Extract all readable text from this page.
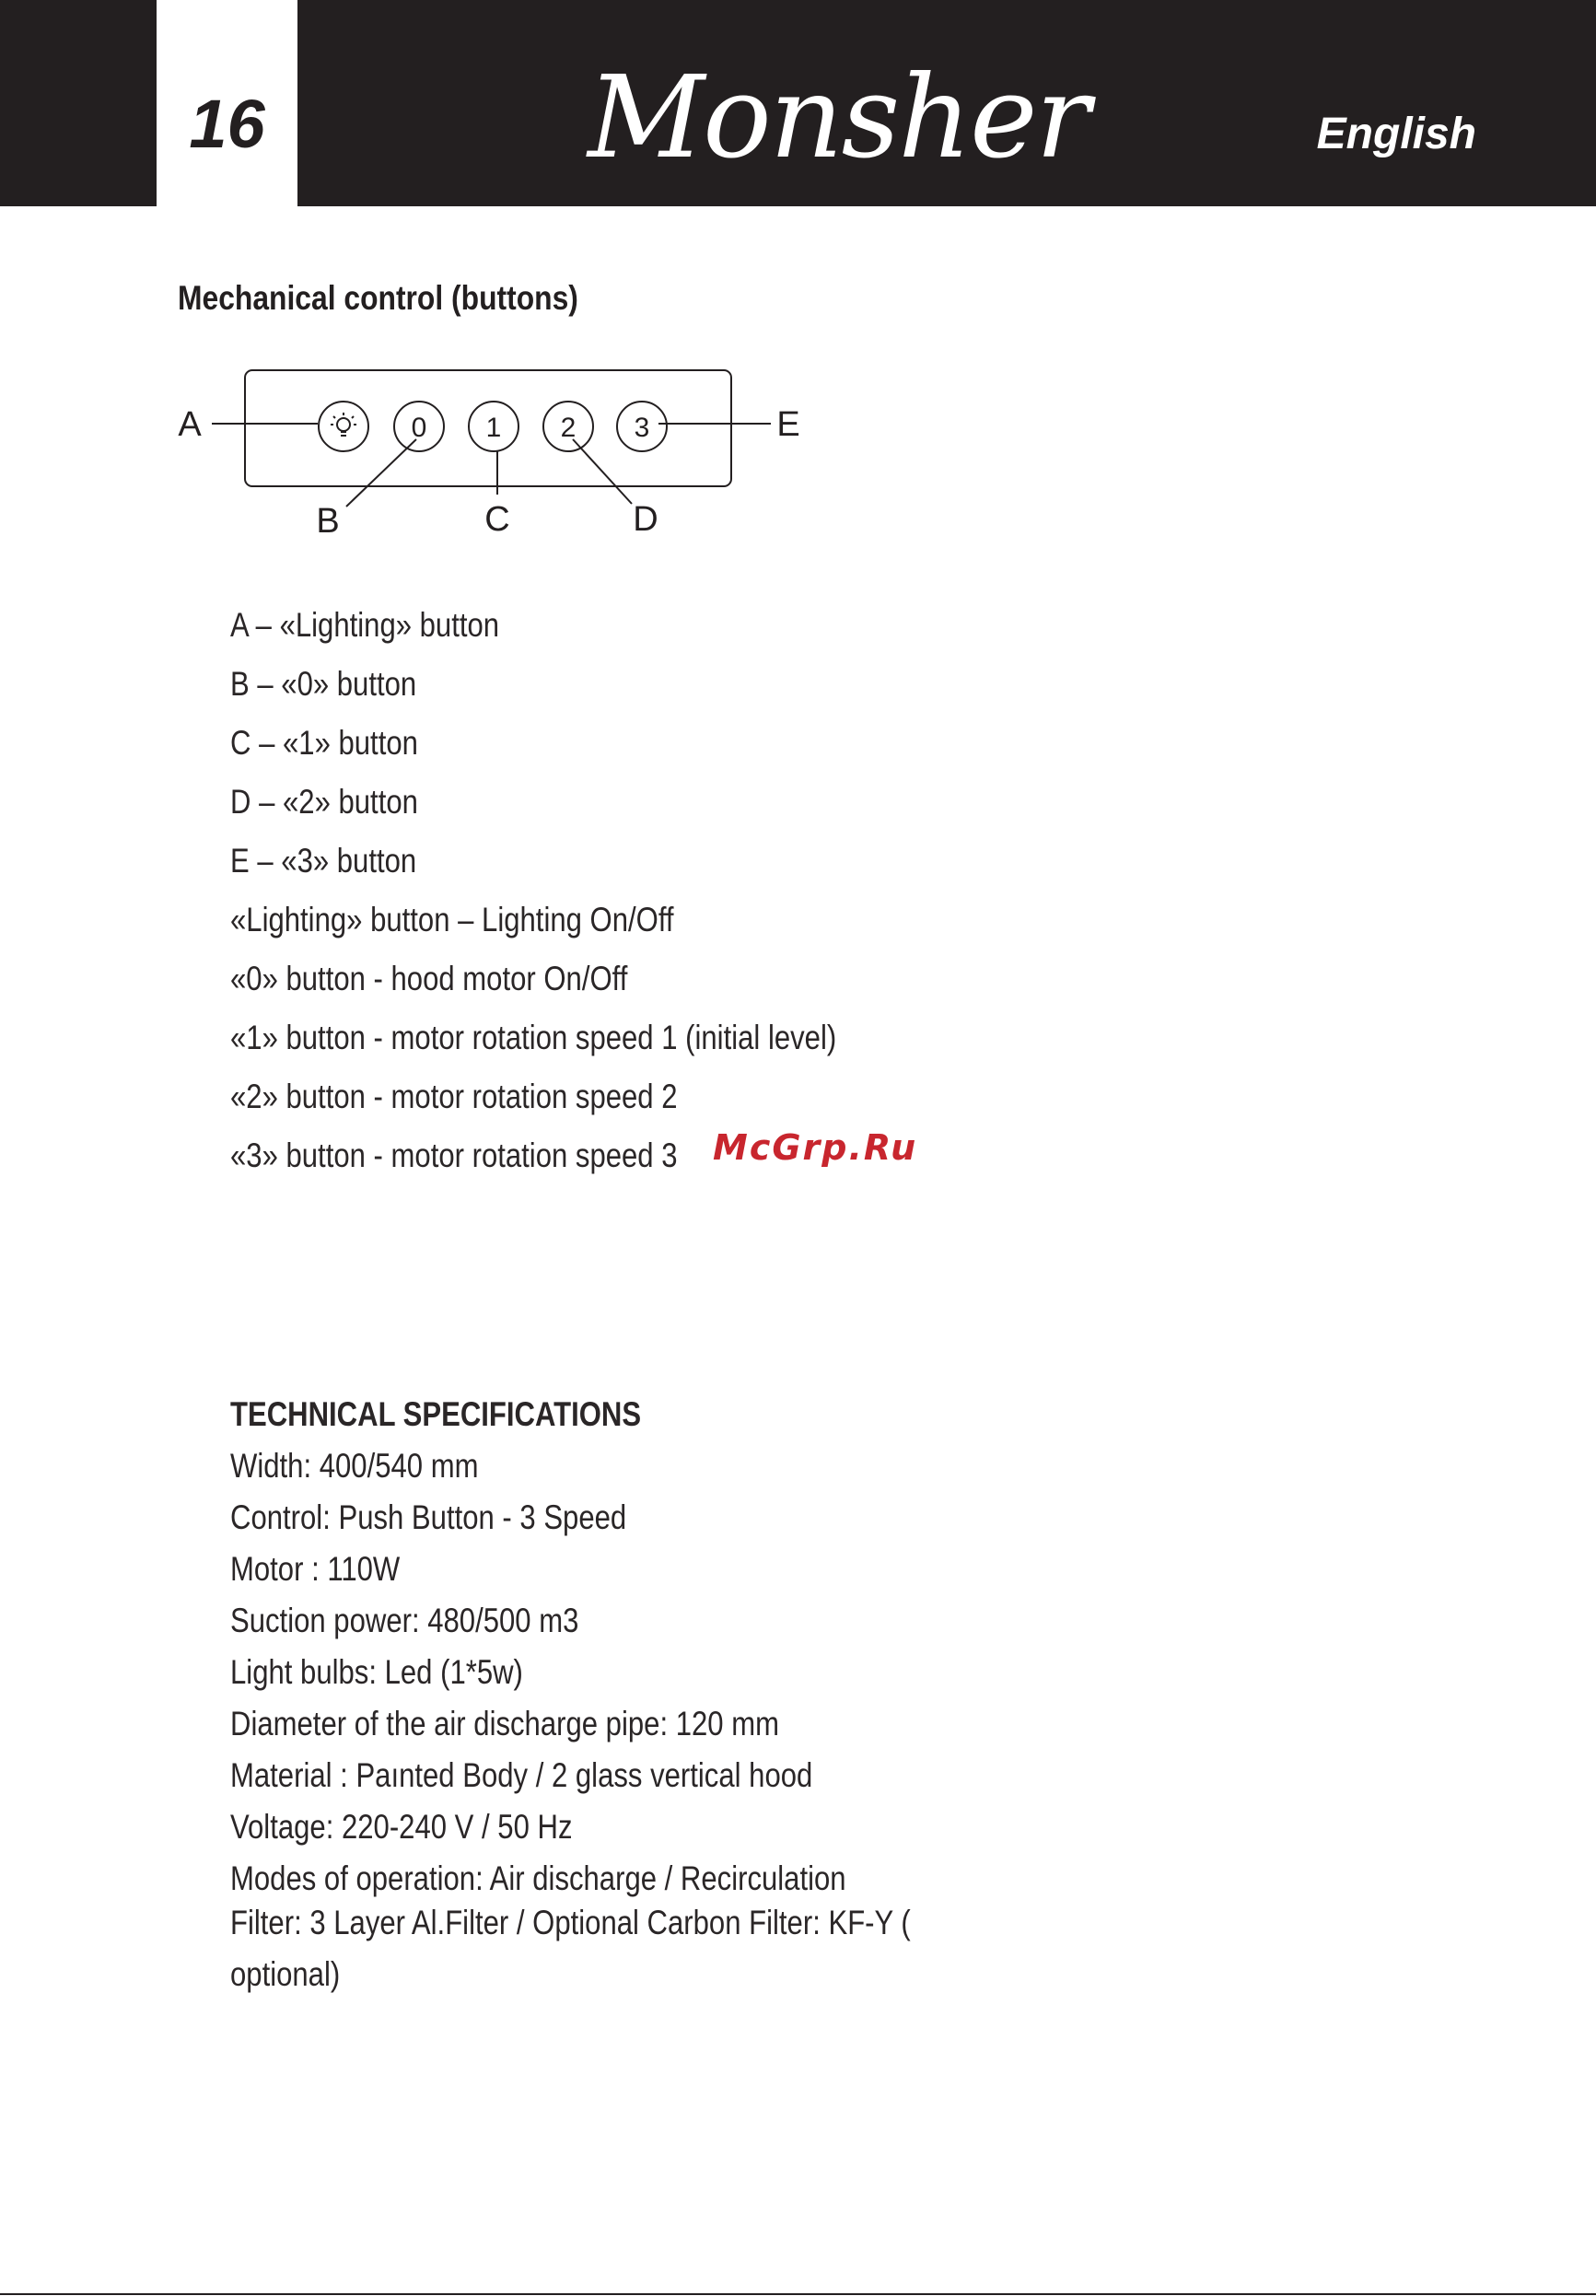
16	Monsher	English
Mechanical control (buttons)
0 1 2 3
A
B	C	D
E
A – «Lighting» button
B – «0» button
C – «1» button
D – «2» button
E – «3» button
«Lighting» button – Lighting On/Off
«0» button - hood motor On/Off
«1» button - motor rotation speed 1 (initial level)
«2» button - motor rotation speed 2
«3» button - motor rotation speed 3	McGrp.Ru
TECHNICAL SPECIFICATIONS
Width: 400/540 mm
Control: Push Button - 3 Speed
Motor : 110W
Suction power: 480/500 m3
Light bulbs: Led (1*5w)
Diameter of the air discharge pipe: 120 mm
Material : Paınted Body / 2 glass vertical hood
Voltage: 220-240 V / 50 Hz
Modes of operation: Air discharge / Recirculation
Filter: 3 Layer Al.Filter / Optional Carbon Filter: KF-Y (
optional)
